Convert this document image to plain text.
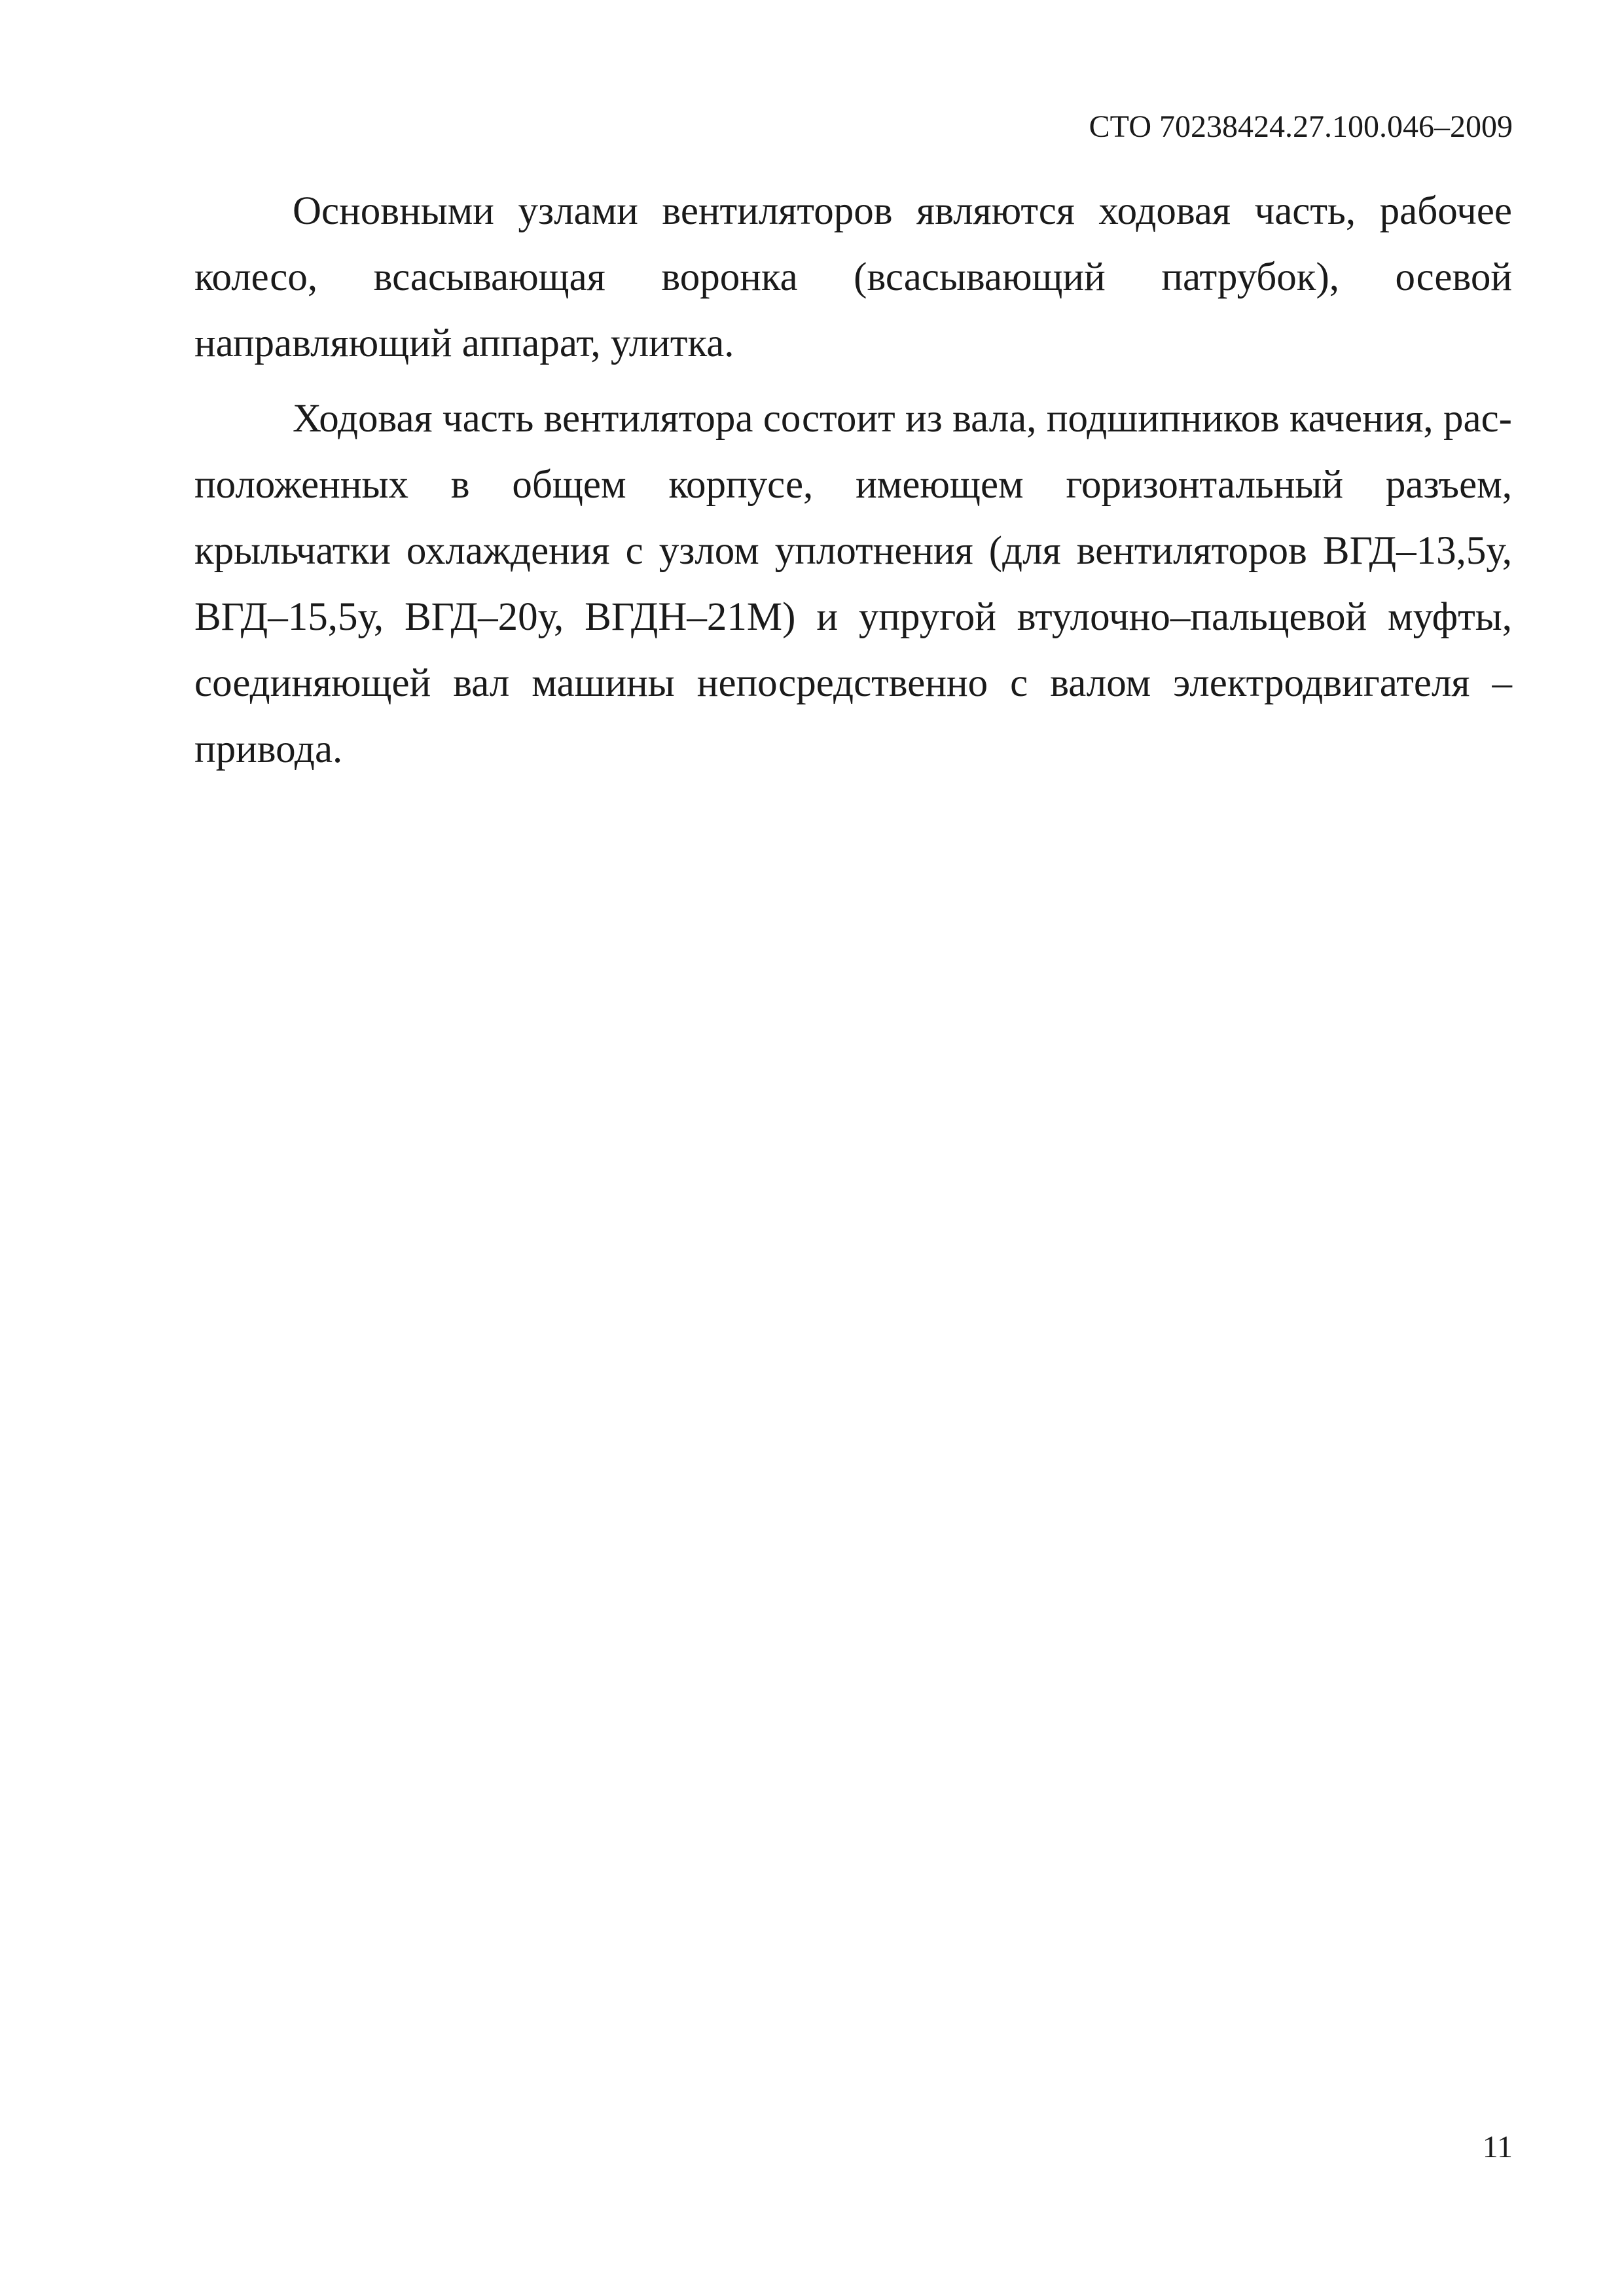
СТО 70238424.27.100.046–2009

Основными узлами вентиляторов являются ходовая часть, рабочее колесо, всасывающая воронка (всасывающий патрубок), осевой направляющий аппарат, улитка.

Ходовая часть вентилятора состоит из вала, подшипников качения, расположенных в общем корпусе, имеющем горизонтальный разъем, крыльчатки охлаждения с узлом уплотнения (для вентиляторов ВГД–13,5у, ВГД–15,5у, ВГД–20у, ВГДН–21М) и упругой втулочно–пальцевой муфты, соединяющей вал машины непосредственно с валом электродвигателя – привода.

11
